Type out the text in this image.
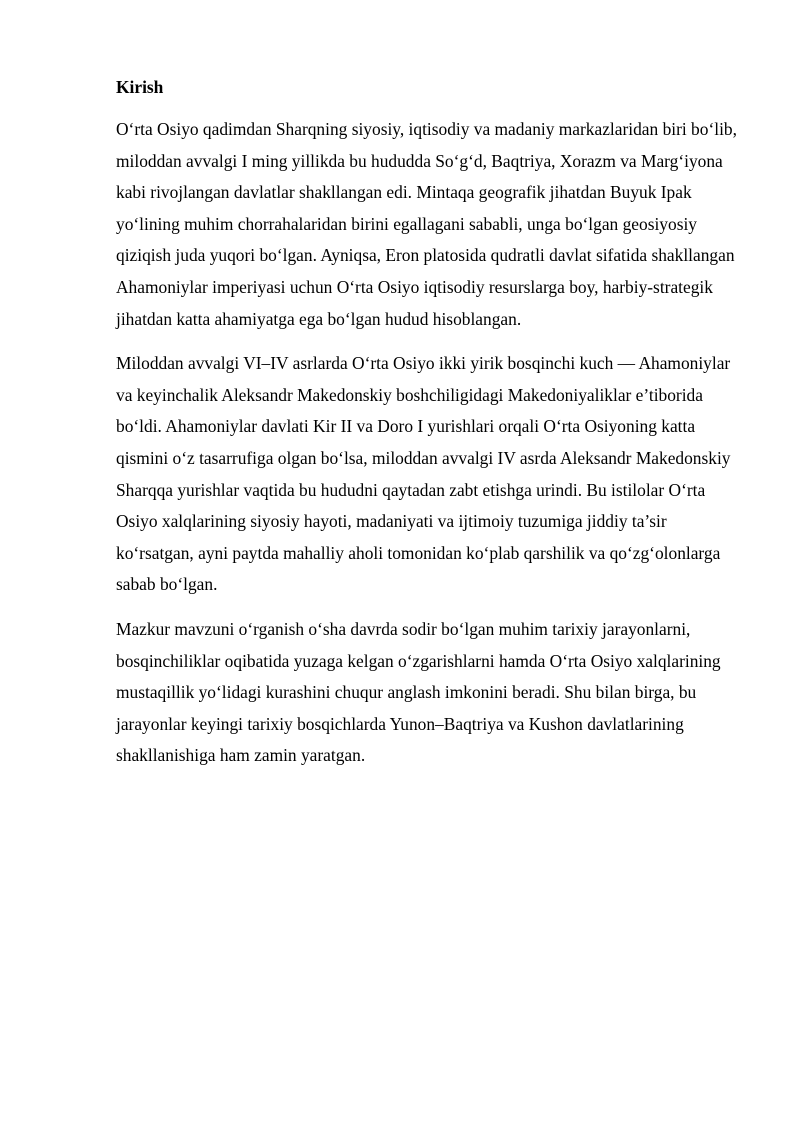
Kirish

O‘rta Osiyo qadimdan Sharqning siyosiy, iqtisodiy va madaniy markazlaridan biri bo‘lib, miloddan avvalgi I ming yillikda bu hududda So‘g‘d, Baqtriya, Xorazm va Marg‘iyona kabi rivojlangan davlatlar shakllangan edi. Mintaqa geografik jihatdan Buyuk Ipak yo‘lining muhim chorrahalaridan birini egallagani sababli, unga bo‘lgan geosiyosiy qiziqish juda yuqori bo‘lgan. Ayniqsa, Eron platosida qudratli davlat sifatida shakllangan Ahamoniylar imperiyasi uchun O‘rta Osiyo iqtisodiy resurslarga boy, harbiy-strategik jihatdan katta ahamiyatga ega bo‘lgan hudud hisoblangan.

Miloddan avvalgi VI–IV asrlarda O‘rta Osiyo ikki yirik bosqinchi kuch — Ahamoniylar va keyinchalik Aleksandr Makedonskiy boshchiligidagi Makedoniyaliklar e’tiborida bo‘ldi. Ahamoniylar davlati Kir II va Doro I yurishlari orqali O‘rta Osiyoning katta qismini o‘z tasarrufiga olgan bo‘lsa, miloddan avvalgi IV asrda Aleksandr Makedonskiy Sharqqa yurishlar vaqtida bu hududni qaytadan zabt etishga urindi. Bu istilolar O‘rta Osiyo xalqlarining siyosiy hayoti, madaniyati va ijtimoiy tuzumiga jiddiy ta’sir ko‘rsatgan, ayni paytda mahalliy aholi tomonidan ko‘plab qarshilik va qo‘zg‘olonlarga sabab bo‘lgan.

Mazkur mavzuni o‘rganish o‘sha davrda sodir bo‘lgan muhim tarixiy jarayonlarni, bosqinchiliklar oqibatida yuzaga kelgan o‘zgarishlarni hamda O‘rta Osiyo xalqlarining mustaqillik yo‘lidagi kurashini chuqur anglash imkonini beradi. Shu bilan birga, bu jarayonlar keyingi tarixiy bosqichlarda Yunon–Baqtriya va Kushon davlatlarining shakllanishiga ham zamin yaratgan.
